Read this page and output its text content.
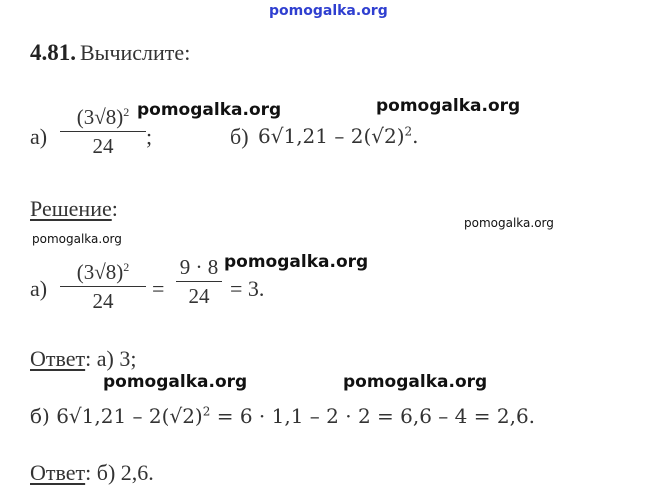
pomogalka.org
4.81. Вычислите:
а)
$(3√8)^2$
24	;	б) $6√1,21 - 2(√2)^2$.
pomogalka.org	pomogalka.org
Решение:
pomogalka.org
pomogalka.org
а)
$(3√8)^2$
24
=
9 · 8
24 = 3.
pomogalka.org
Ответ: а) 3;
pomogalka.org	pomogalka.org
б) $6√1,21 - 2(√2)^2 = 6 \cdot 1,1 - 2 \cdot 2 = 6,6 - 4 = 2,6$.
Ответ: б) 2,6.
